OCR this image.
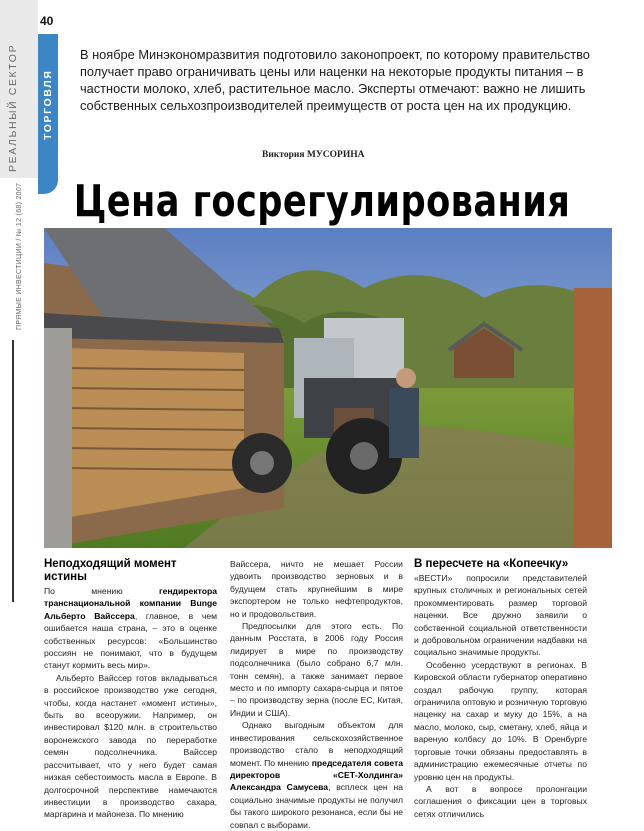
РЕАЛЬНЫЙ СЕКТОР ТОРГОВЛЯ
40
ПРЯМЫЕ ИНВЕСТИЦИИ / № 12 (68) 2007
В ноябре Минэкономразвития подготовило законопроект, по которому правительство получает право ограничивать цены или наценки на некоторые продукты питания – в частности молоко, хлеб, растительное масло. Эксперты отмечают: важно не лишить собственных сельхозпроизводителей преимуществ от роста цен на их продукцию.
Виктория МУСОРИНА
Цена госрегулирования
Неподходящий момент истины

По мнению гендиректора транснациональной компании Bunge Альберто Вайссера, главное, в чем ошибается наша страна, – это в оценке собственных ресурсов: «Большинство россиян не понимают, что в будущем станут кормить весь мир».

Альберто Вайссер готов вкладываться в российское производство уже сегодня, чтобы, когда настанет «момент истины», быть во всеоружии. Например, он инвестировал $120 млн. в строительство воронежского завода по переработке семян подсолнечника. Вайссер рассчитывает, что у него будет самая низкая себестоимость масла в Европе. В долгосрочной перспективе намечаются инвестиции в производство сахара, маргарина и майонеза. По мнению

Вайссера, ничто не мешает России удвоить производство зерновых и в будущем стать крупнейшим в мире экспортером не только нефтепродуктов, но и продовольствия.

Предпосылки для этого есть. По данным Росстата, в 2006 году Россия лидирует в мире по производству подсолнечника (было собрано 6,7 млн. тонн семян), а также занимает первое место и по импорту сахара-сырца и пятое – по производству зерна (после ЕС, Китая, Индии и США).

Однако выгодным объектом для инвестирования сельскохозяйственное производство стало в неподходящий момент. По мнению председателя совета директоров «СЕТ-Холдинга» Александра Самусева, всплеск цен на социально значимые продукты не получил бы такого широкого резонанса, если бы не совпал с выборами.

В пересчете на «Копеечку»

«ВЕСТИ» попросили представителей крупных столичных и региональных сетей прокомментировать размер торговой наценки. Все дружно заявили о собственной социальной ответственности и добровольном ограничении надбавки на социально значимые продукты.

Особенно усердствуют в регионах. В Кировской области губернатор оперативно создал рабочую группу, которая ограничила оптовую и розничную торговую наценку на сахар и муку до 15%, а на масло, молоко, сыр, сметану, хлеб, яйца и вареную колбасу до 10%. В Оренбурге торговые точки обязаны предоставлять в администрацию ежемесячные отчеты по уровню цен на продукты.

А вот в вопросе пролонгации соглашения о фиксации цен в торговых сетях отличились
